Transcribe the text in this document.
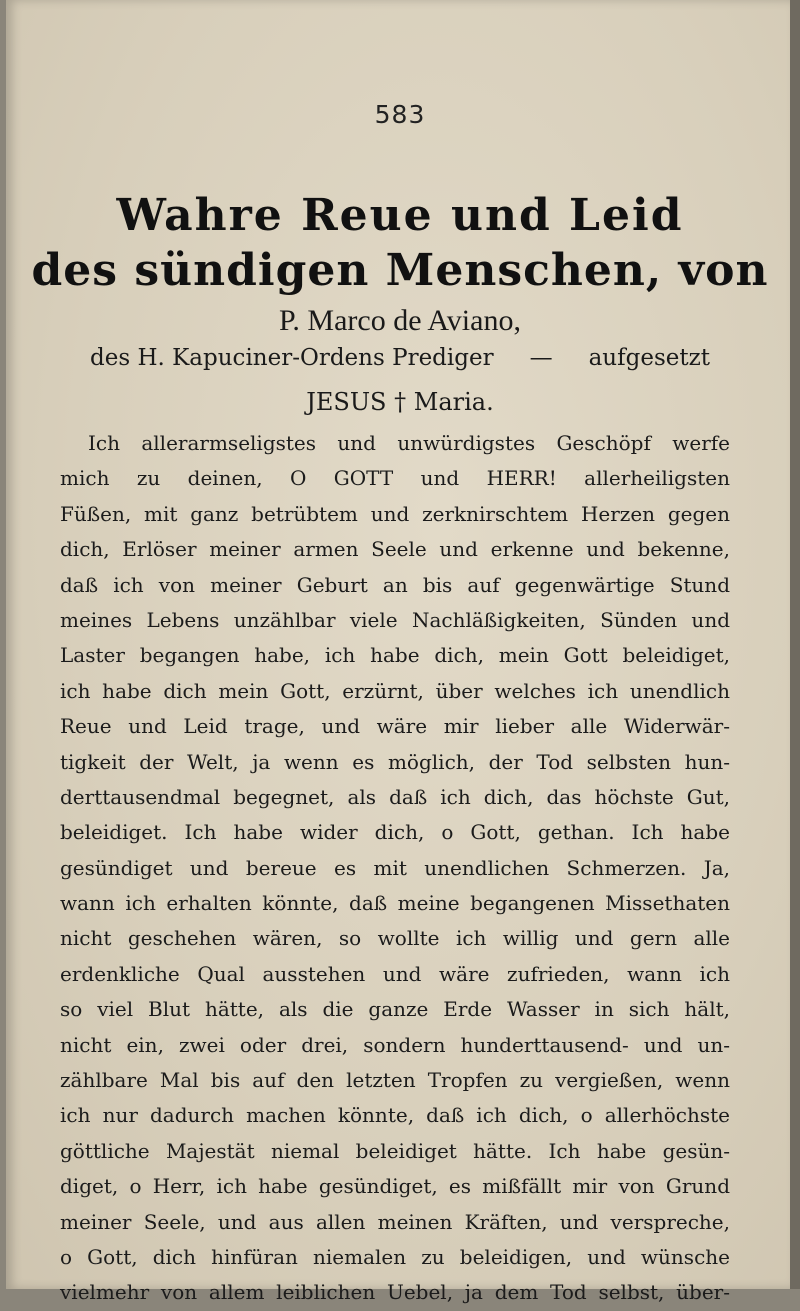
583
Wahre Reue und Leid
des sündigen Menschen, von
P. Marco de Aviano,
des H. Kapuciner-Ordens Prediger — aufgesetzt
JESUS † Maria.
Ich allerarmseligstes und unwürdigstes Geschöpf werfe
mich zu deinen, O GOTT und HERR! allerheiligsten
Füßen, mit ganz betrübtem und zerknirschtem Herzen gegen
dich, Erlöser meiner armen Seele und erkenne und bekenne,
daß ich von meiner Geburt an bis auf gegenwärtige Stund
meines Lebens unzählbar viele Nachläßigkeiten, Sünden und
Laster begangen habe, ich habe dich, mein Gott beleidiget,
ich habe dich mein Gott, erzürnt, über welches ich unendlich
Reue und Leid trage, und wäre mir lieber alle Widerwär-
tigkeit der Welt, ja wenn es möglich, der Tod selbsten hun-
derttausendmal begegnet, als daß ich dich, das höchste Gut,
beleidiget. Ich habe wider dich, o Gott, gethan. Ich habe
gesündiget und bereue es mit unendlichen Schmerzen. Ja,
wann ich erhalten könnte, daß meine begangenen Missethaten
nicht geschehen wären, so wollte ich willig und gern alle
erdenkliche Qual ausstehen und wäre zufrieden, wann ich
so viel Blut hätte, als die ganze Erde Wasser in sich hält,
nicht ein, zwei oder drei, sondern hunderttausend- und un-
zählbare Mal bis auf den letzten Tropfen zu vergießen, wenn
ich nur dadurch machen könnte, daß ich dich, o allerhöchste
göttliche Majestät niemal beleidiget hätte. Ich habe gesün-
diget, o Herr, ich habe gesündiget, es mißfällt mir von Grund
meiner Seele, und aus allen meinen Kräften, und verspreche,
o Gott, dich hinfüran niemalen zu beleidigen, und wünsche
vielmehr von allem leiblichen Uebel, ja dem Tod selbst, über-
